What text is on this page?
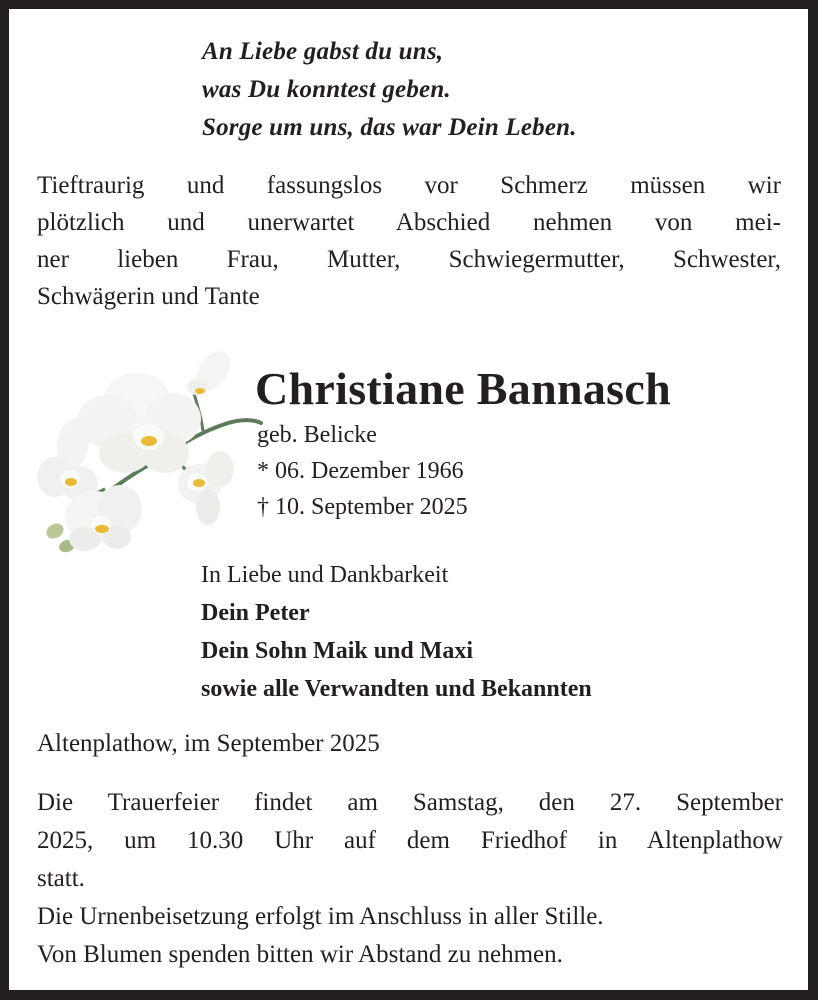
An Liebe gabst du uns,
was Du konntest geben.
Sorge um uns, das war Dein Leben.
Tieftraurig und fassungslos vor Schmerz müssen wir
plötzlich und unerwartet Abschied nehmen von mei-
ner lieben Frau, Mutter, Schwiegermutter, Schwester,
Schwägerin und Tante
Christiane Bannasch
geb. Belicke
* 06. Dezember 1966
† 10. September 2025
In Liebe und Dankbarkeit
Dein Peter
Dein Sohn Maik und Maxi
sowie alle Verwandten und Bekannten
Altenplathow, im September 2025
Die Trauerfeier findet am Samstag, den 27. September
2025, um 10.30 Uhr auf dem Friedhof in Altenplathow
statt.
Die Urnenbeisetzung erfolgt im Anschluss in aller Stille.
Von Blumen spenden bitten wir Abstand zu nehmen.
